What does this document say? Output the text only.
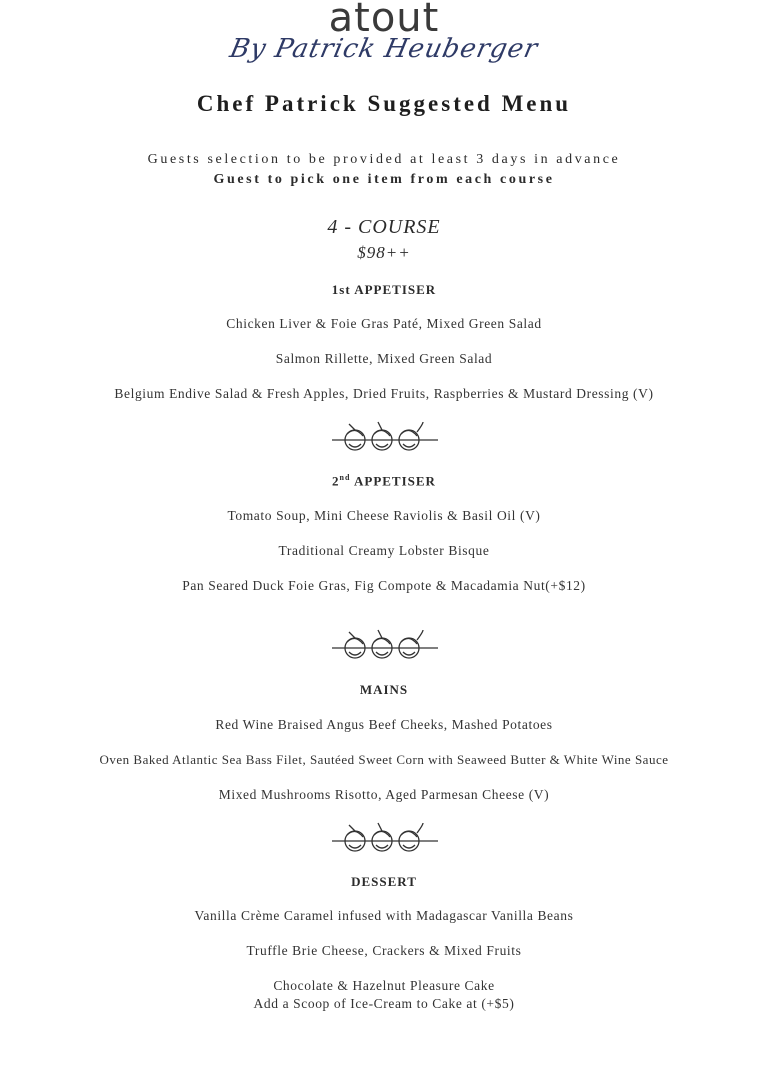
atout
By Patrick Heuberger
Chef Patrick Suggested Menu
Guests selection to be provided at least 3 days in advance
Guest to pick one item from each course
4 - COURSE
$98++
1st APPETISER
Chicken Liver & Foie Gras Paté, Mixed Green Salad
Salmon Rillette, Mixed Green Salad
Belgium Endive Salad & Fresh Apples, Dried Fruits, Raspberries & Mustard Dressing (V)
2nd APPETISER
Tomato Soup, Mini Cheese Raviolis & Basil Oil (V)
Traditional Creamy Lobster Bisque
Pan Seared Duck Foie Gras, Fig Compote & Macadamia Nut(+$12)
MAINS
Red Wine Braised Angus Beef Cheeks, Mashed Potatoes
Oven Baked Atlantic Sea Bass Filet, Sautéed Sweet Corn with Seaweed Butter & White Wine Sauce
Mixed Mushrooms Risotto, Aged Parmesan Cheese (V)
DESSERT
Vanilla Crème Caramel infused with Madagascar Vanilla Beans
Truffle Brie Cheese, Crackers & Mixed Fruits
Chocolate & Hazelnut Pleasure Cake
Add a Scoop of Ice-Cream to Cake at (+$5)
